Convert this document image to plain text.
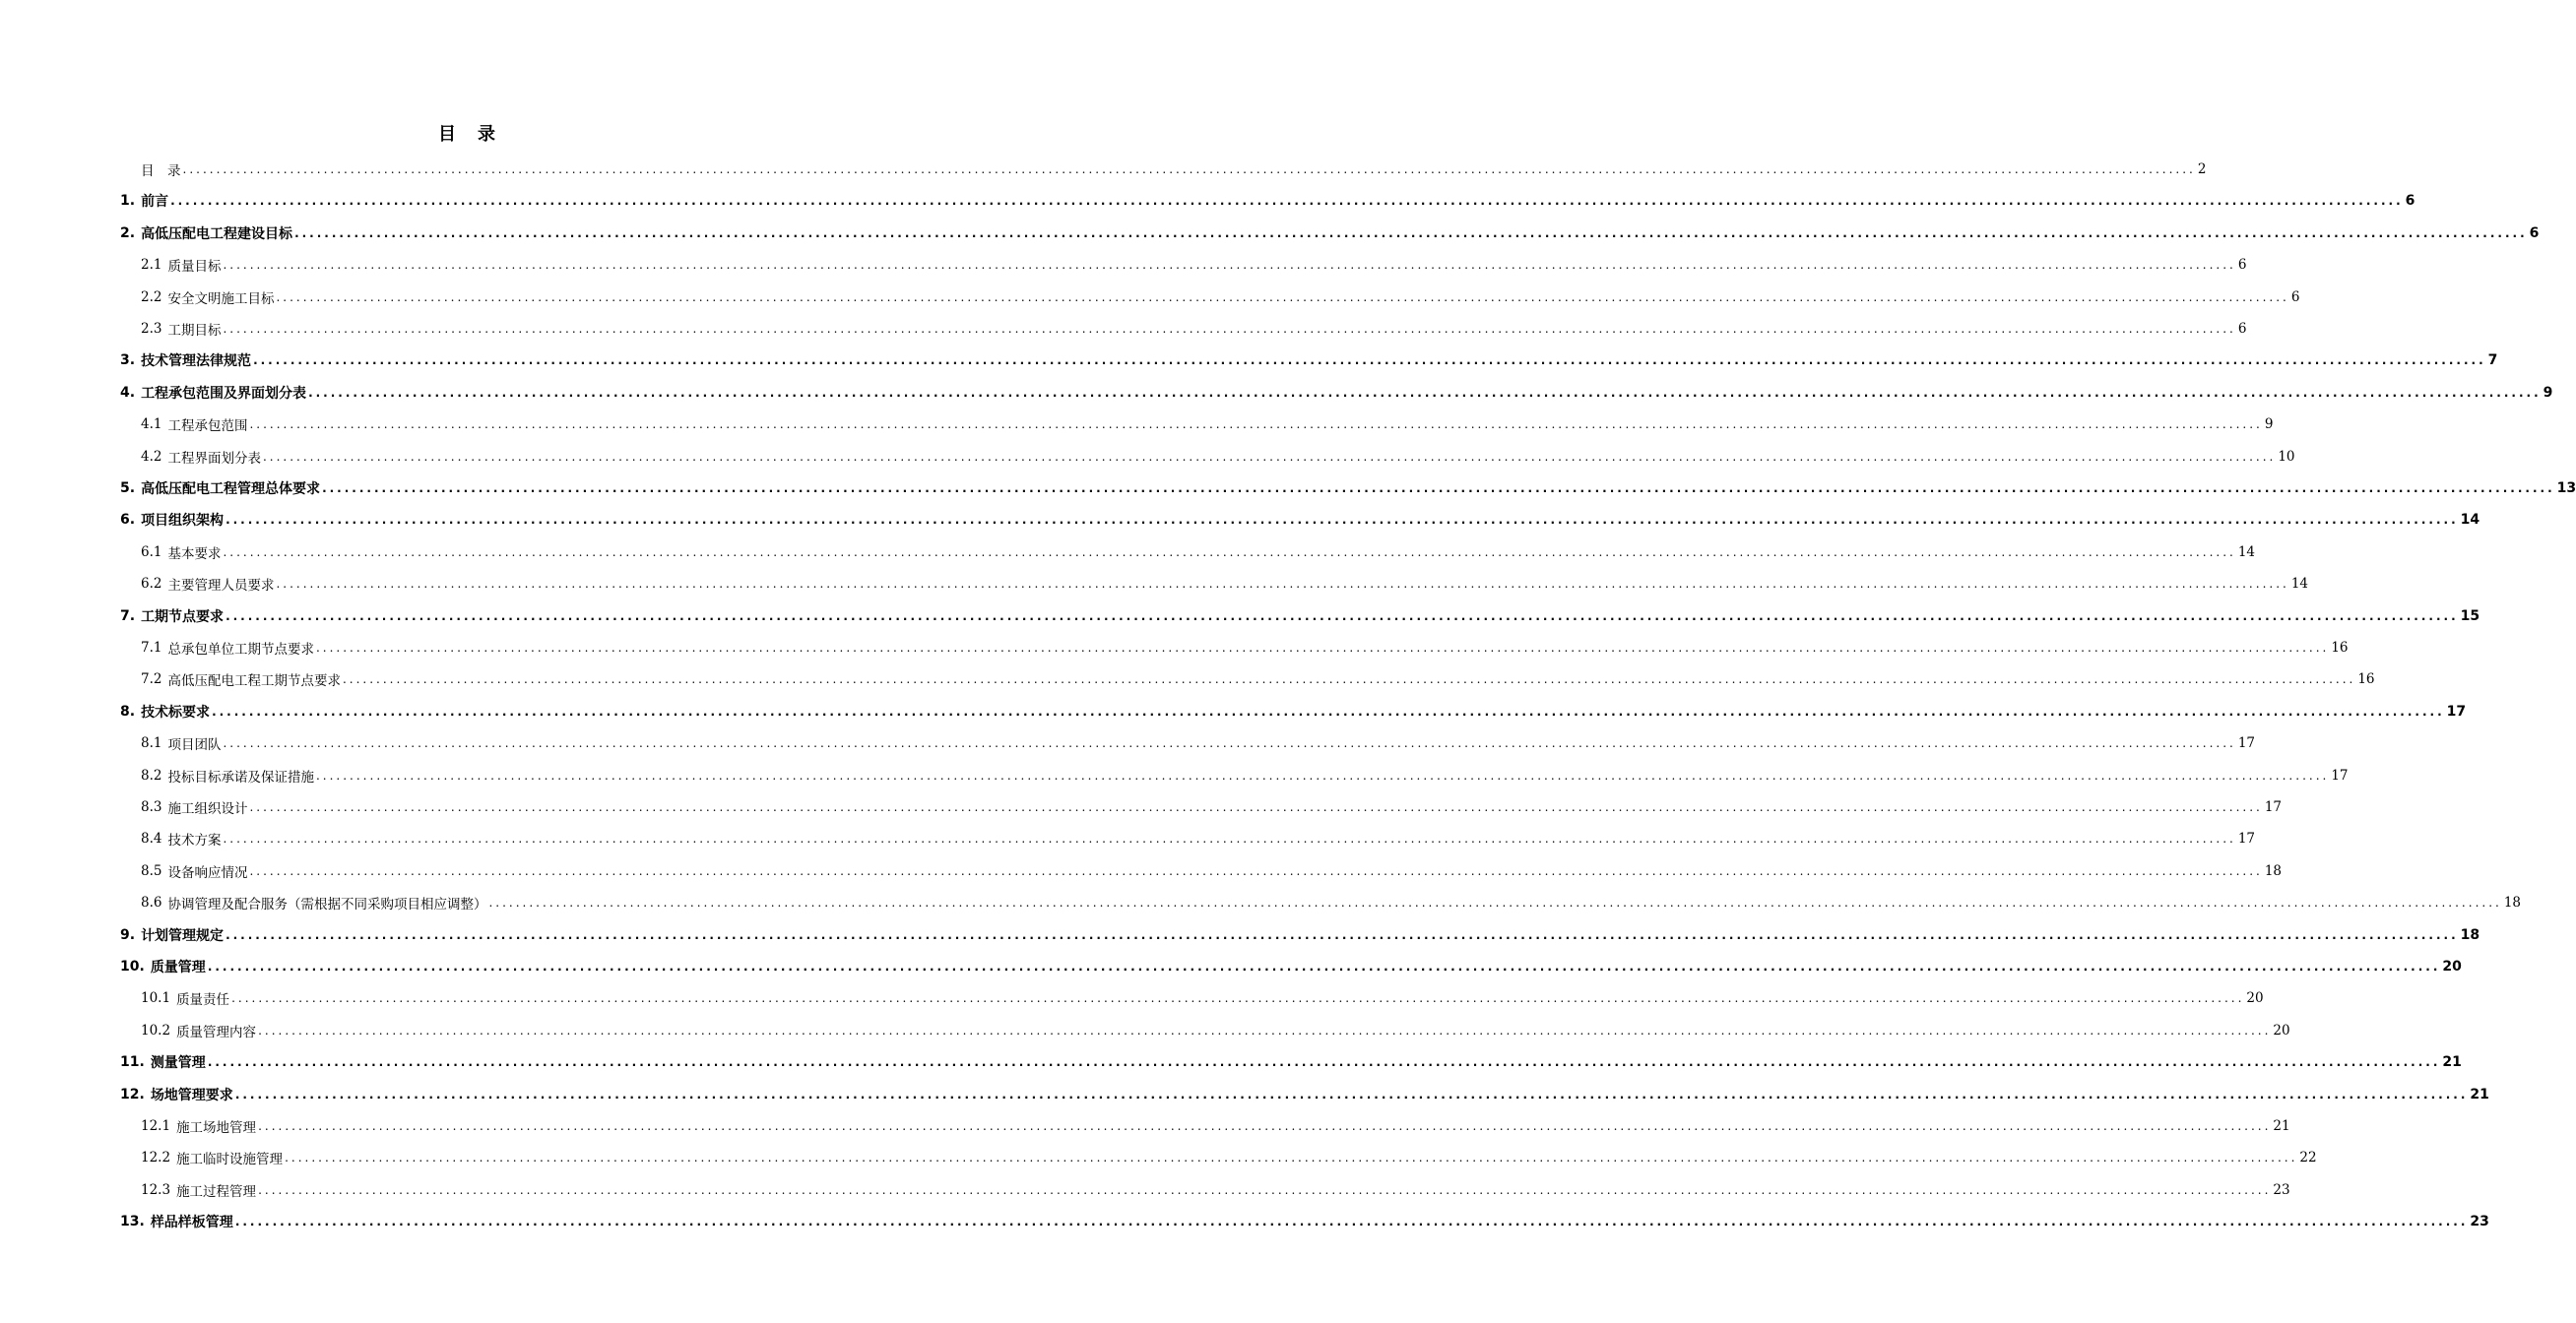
目　录
目　录 ............................................................................................................................................................................................................................................................................................................ 2
1. 前言 ............................................................................................................................................................................................................................................................................................................ 6
2. 高低压配电工程建设目标 ............................................................................................................................................................................................................................................................................................................ 6
2.1 质量目标 ............................................................................................................................................................................................................................................................................................................ 6
2.2 安全文明施工目标 ............................................................................................................................................................................................................................................................................................................ 6
2.3 工期目标 ............................................................................................................................................................................................................................................................................................................ 6
3. 技术管理法律规范 ............................................................................................................................................................................................................................................................................................................ 7
4. 工程承包范围及界面划分表 ............................................................................................................................................................................................................................................................................................................ 9
4.1 工程承包范围 ............................................................................................................................................................................................................................................................................................................ 9
4.2 工程界面划分表 ............................................................................................................................................................................................................................................................................................................ 10
5. 高低压配电工程管理总体要求 ............................................................................................................................................................................................................................................................................................................ 13
6. 项目组织架构 ............................................................................................................................................................................................................................................................................................................ 14
6.1 基本要求 ............................................................................................................................................................................................................................................................................................................ 14
6.2 主要管理人员要求 ............................................................................................................................................................................................................................................................................................................ 14
7. 工期节点要求 ............................................................................................................................................................................................................................................................................................................ 15
7.1 总承包单位工期节点要求 ............................................................................................................................................................................................................................................................................................................ 16
7.2 高低压配电工程工期节点要求 ............................................................................................................................................................................................................................................................................................................ 16
8. 技术标要求 ............................................................................................................................................................................................................................................................................................................ 17
8.1 项目团队 ............................................................................................................................................................................................................................................................................................................ 17
8.2 投标目标承诺及保证措施 ............................................................................................................................................................................................................................................................................................................ 17
8.3 施工组织设计 ............................................................................................................................................................................................................................................................................................................ 17
8.4 技术方案 ............................................................................................................................................................................................................................................................................................................ 17
8.5 设备响应情况 ............................................................................................................................................................................................................................................................................................................ 18
8.6 协调管理及配合服务（需根据不同采购项目相应调整） ............................................................................................................................................................................................................................................................................................................ 18
9. 计划管理规定 ............................................................................................................................................................................................................................................................................................................ 18
10. 质量管理 ............................................................................................................................................................................................................................................................................................................ 20
10.1 质量责任 ............................................................................................................................................................................................................................................................................................................ 20
10.2 质量管理内容 ............................................................................................................................................................................................................................................................................................................ 20
11. 测量管理 ............................................................................................................................................................................................................................................................................................................ 21
12. 场地管理要求 ............................................................................................................................................................................................................................................................................................................ 21
12.1 施工场地管理 ............................................................................................................................................................................................................................................................................................................ 21
12.2 施工临时设施管理 ............................................................................................................................................................................................................................................................................................................ 22
12.3 施工过程管理 ............................................................................................................................................................................................................................................................................................................ 23
13. 样品样板管理 ............................................................................................................................................................................................................................................................................................................ 23
